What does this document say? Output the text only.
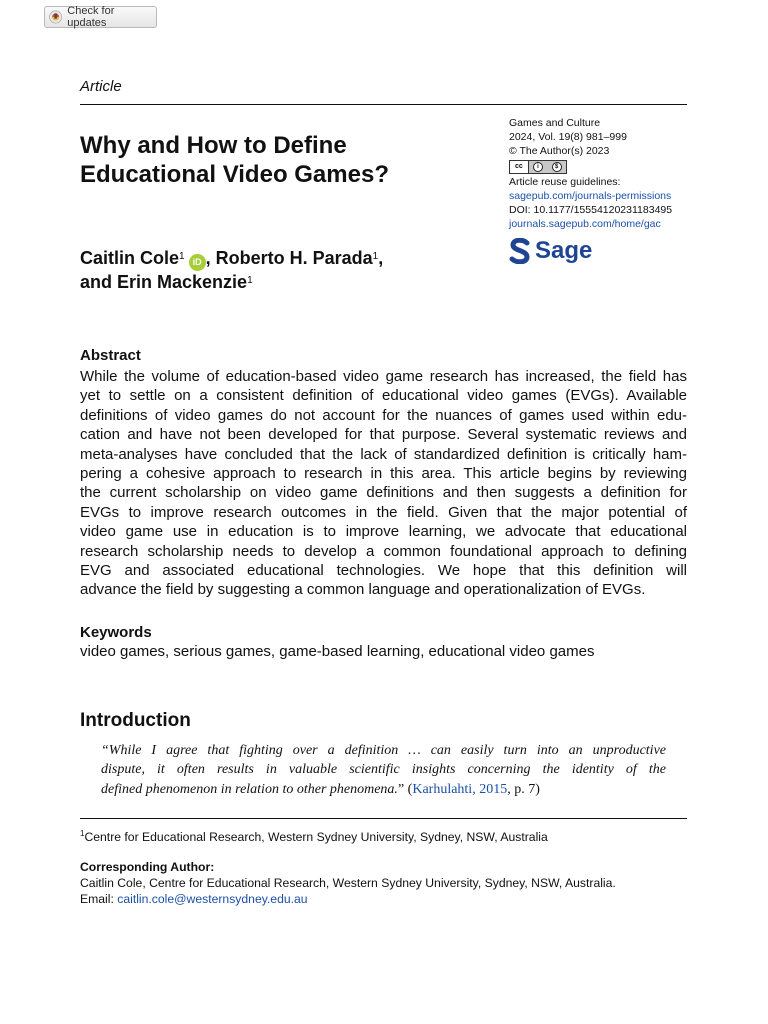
Check for updates
Article
Why and How to Define
Educational Video Games?
Games and Culture
2024, Vol. 19(8) 981–999
© The Author(s) 2023
cc	i	$
Article reuse guidelines:
sagepub.com/journals-permissions
DOI: 10.1177/15554120231183495
journals.sagepub.com/home/gac
Sage
Caitlin Cole$^1$ iD , Roberto H. Parada$^1$,
and Erin Mackenzie$^1$
Abstract
While the volume of education-based video game research has increased, the field has
yet to settle on a consistent definition of educational video games (EVGs). Available
definitions of video games do not account for the nuances of games used within edu-
cation and have not been developed for that purpose. Several systematic reviews and
meta-analyses have concluded that the lack of standardized definition is critically ham-
pering a cohesive approach to research in this area. This article begins by reviewing
the current scholarship on video game definitions and then suggests a definition for
EVGs to improve research outcomes in the field. Given that the major potential of
video game use in education is to improve learning, we advocate that educational
research scholarship needs to develop a common foundational approach to defining
EVG and associated educational technologies. We hope that this definition will
advance the field by suggesting a common language and operationalization of EVGs.
Keywords
video games, serious games, game-based learning, educational video games
Introduction
“While I agree that fighting over a definition … can easily turn into an unproductive
dispute, it often results in valuable scientific insights concerning the identity of the
defined phenomenon in relation to other phenomena.” (Karhulahti, 2015, p. 7)
$^1$Centre for Educational Research, Western Sydney University, Sydney, NSW, Australia
Corresponding Author:
Caitlin Cole, Centre for Educational Research, Western Sydney University, Sydney, NSW, Australia.
Email: caitlin.cole@westernsydney.edu.au
